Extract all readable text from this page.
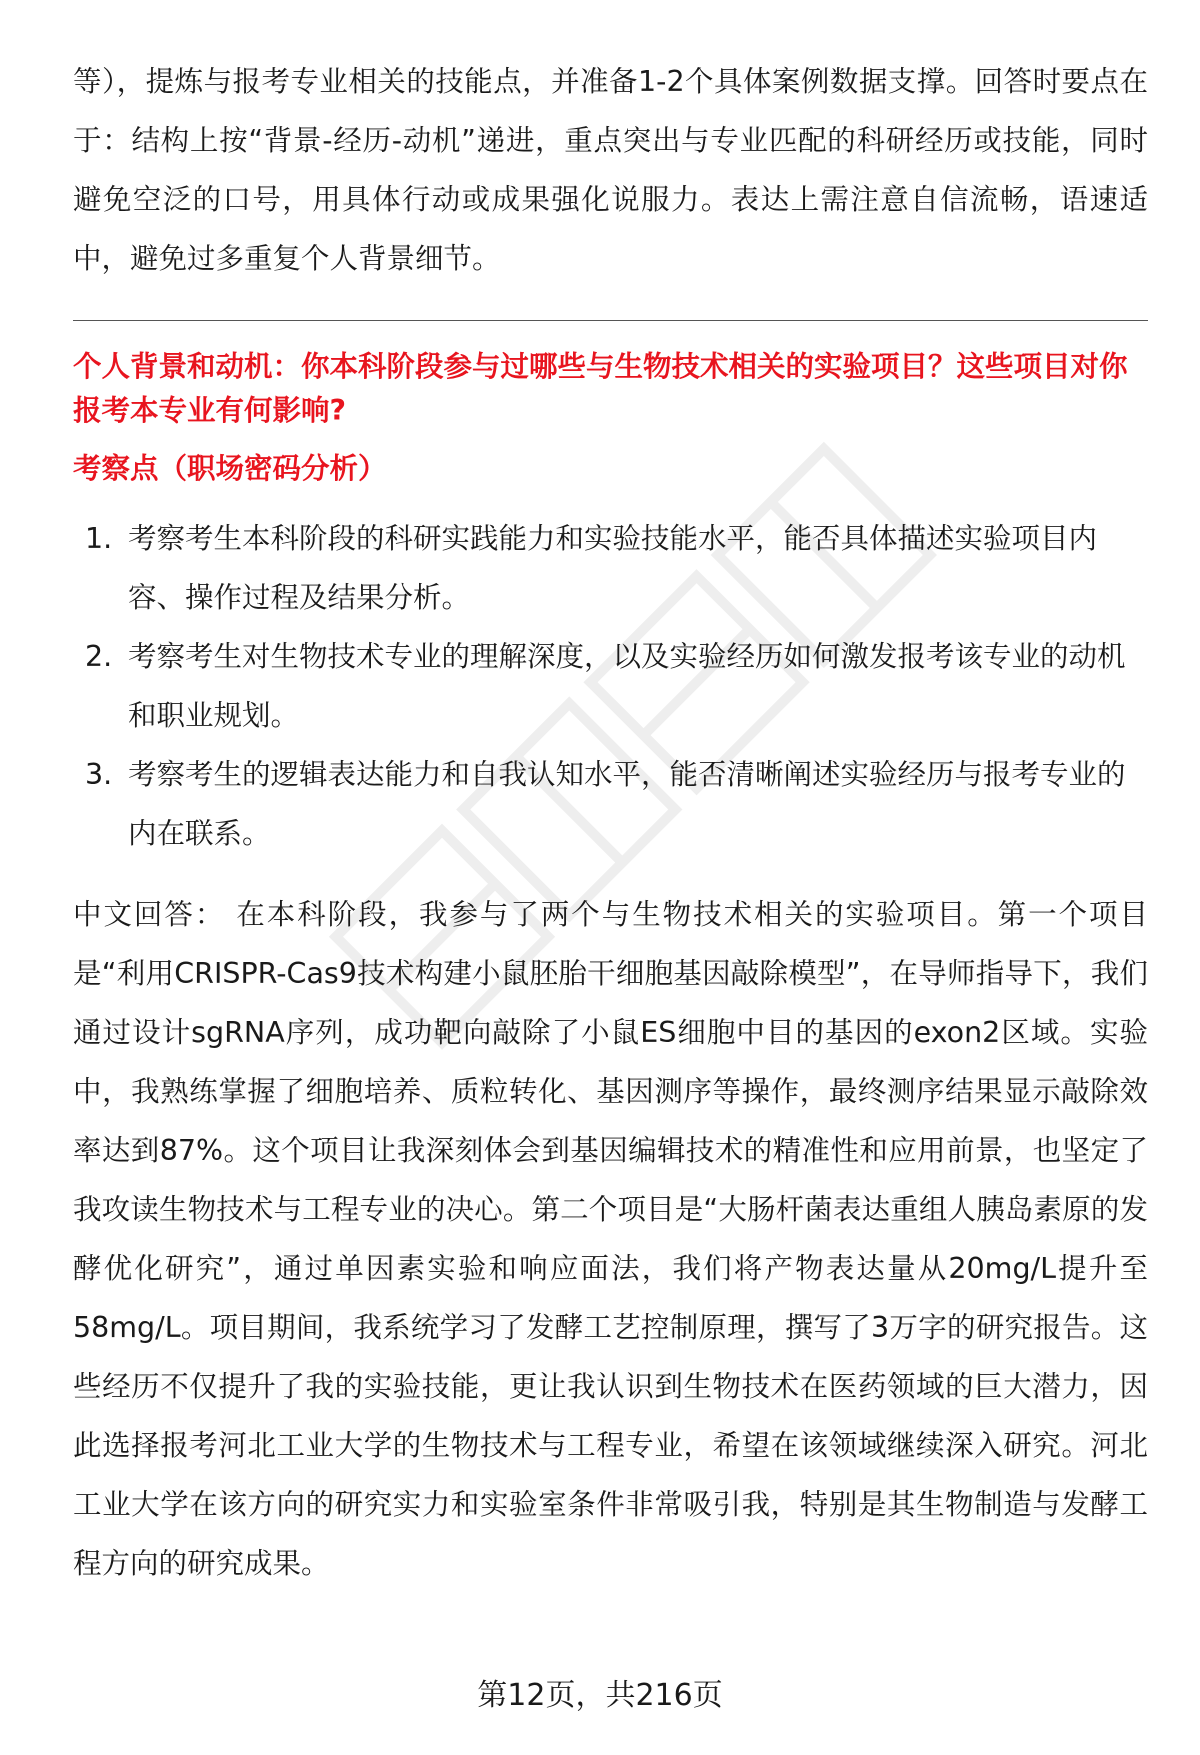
等），提炼与报考专业相关的技能点，并准备1-2个具体案例数据支撑。回答时要点在于：结构上按“背景-经历-动机”递进，重点突出与专业匹配的科研经历或技能，同时避免空泛的口号，用具体行动或成果强化说服力。表达上需注意自信流畅，语速适中，避免过多重复个人背景细节。

个人背景和动机：你本科阶段参与过哪些与生物技术相关的实验项目？这些项目对你报考本专业有何影响?

考察点（职场密码分析）

1. 考察考生本科阶段的科研实践能力和实验技能水平，能否具体描述实验项目内容、操作过程及结果分析。
2. 考察考生对生物技术专业的理解深度，以及实验经历如何激发报考该专业的动机和职业规划。
3. 考察考生的逻辑表达能力和自我认知水平，能否清晰阐述实验经历与报考专业的内在联系。

中文回答： 在本科阶段，我参与了两个与生物技术相关的实验项目。第一个项目是“利用CRISPR-Cas9技术构建小鼠胚胎干细胞基因敲除模型”，在导师指导下，我们通过设计sgRNA序列，成功靶向敲除了小鼠ES细胞中目的基因的exon2区域。实验中，我熟练掌握了细胞培养、质粒转化、基因测序等操作，最终测序结果显示敲除效率达到87%。这个项目让我深刻体会到基因编辑技术的精准性和应用前景，也坚定了我攻读生物技术与工程专业的决心。第二个项目是“大肠杆菌表达重组人胰岛素原的发酵优化研究”，通过单因素实验和响应面法，我们将产物表达量从20mg/L提升至58mg/L。项目期间，我系统学习了发酵工艺控制原理，撰写了3万字的研究报告。这些经历不仅提升了我的实验技能，更让我认识到生物技术在医药领域的巨大潜力，因此选择报考河北工业大学的生物技术与工程专业，希望在该领域继续深入研究。河北工业大学在该方向的研究实力和实验室条件非常吸引我，特别是其生物制造与发酵工程方向的研究成果。

第12页，共216页
